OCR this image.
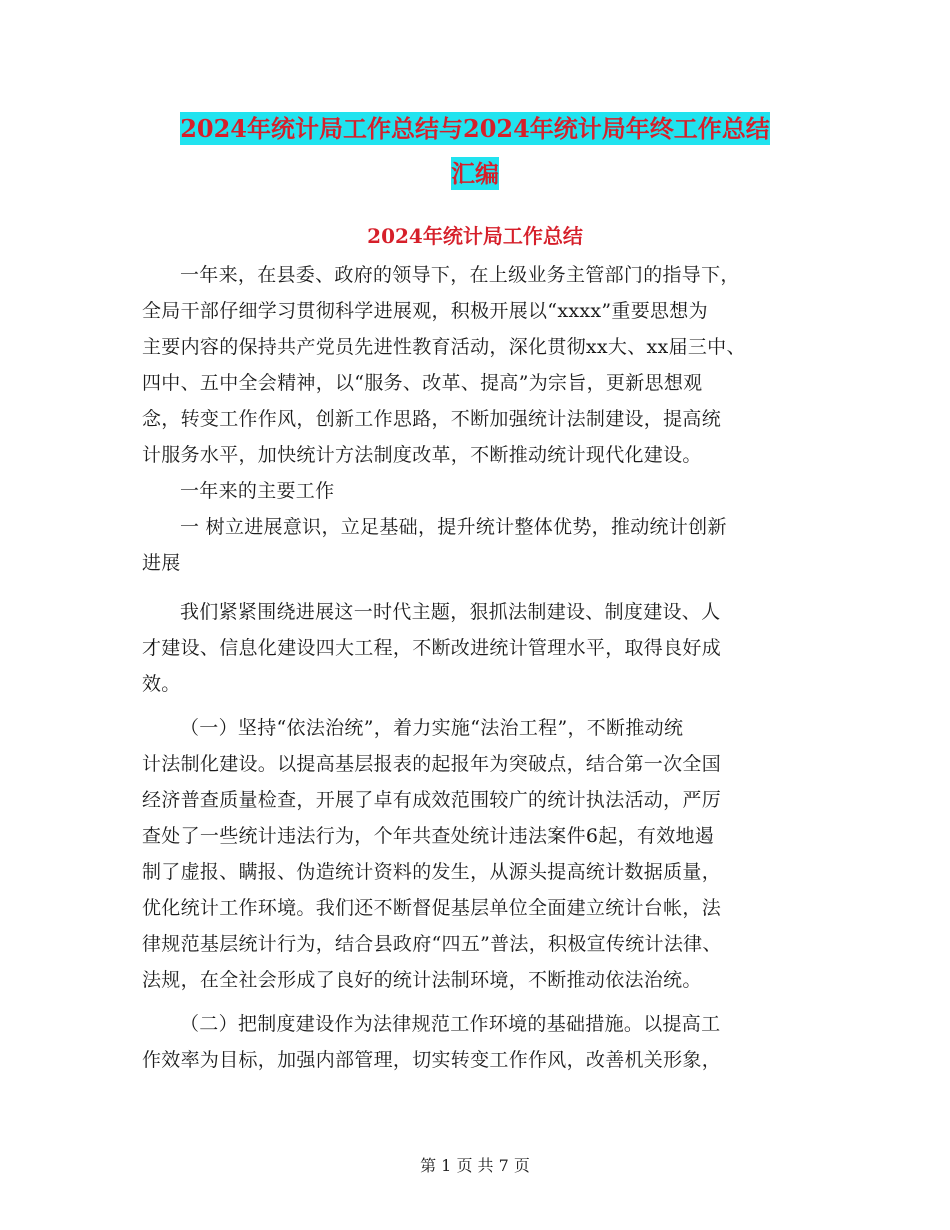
2024年统计局工作总结与2024年统计局年终工作总结
汇编
2024年统计局工作总结
一年来，在县委、政府的领导下，在上级业务主管部门的指导下，
全局干部仔细学习贯彻科学进展观，积极开展以“xxxx”重要思想为
主要内容的保持共产党员先进性教育活动，深化贯彻xx大、xx届三中、
四中、五中全会精神，以“服务、改革、提高”为宗旨，更新思想观
念，转变工作作风，创新工作思路，不断加强统计法制建设，提高统
计服务水平，加快统计方法制度改革，不断推动统计现代化建设。
一年来的主要工作
一 树立进展意识，立足基础，提升统计整体优势，推动统计创新
进展
我们紧紧围绕进展这一时代主题，狠抓法制建设、制度建设、人
才建设、信息化建设四大工程，不断改进统计管理水平，取得良好成
效。
（一）坚持“依法治统”，着力实施“法治工程”，不断推动统
计法制化建设。以提高基层报表的起报年为突破点，结合第一次全国
经济普查质量检查，开展了卓有成效范围较广的统计执法活动，严厉
查处了一些统计违法行为，个年共查处统计违法案件6起，有效地遏
制了虚报、瞒报、伪造统计资料的发生，从源头提高统计数据质量，
优化统计工作环境。我们还不断督促基层单位全面建立统计台帐，法
律规范基层统计行为，结合县政府“四五”普法，积极宣传统计法律、
法规，在全社会形成了良好的统计法制环境，不断推动依法治统。
（二）把制度建设作为法律规范工作环境的基础措施。以提高工
作效率为目标，加强内部管理，切实转变工作作风，改善机关形象，
第 1 页 共 7 页
